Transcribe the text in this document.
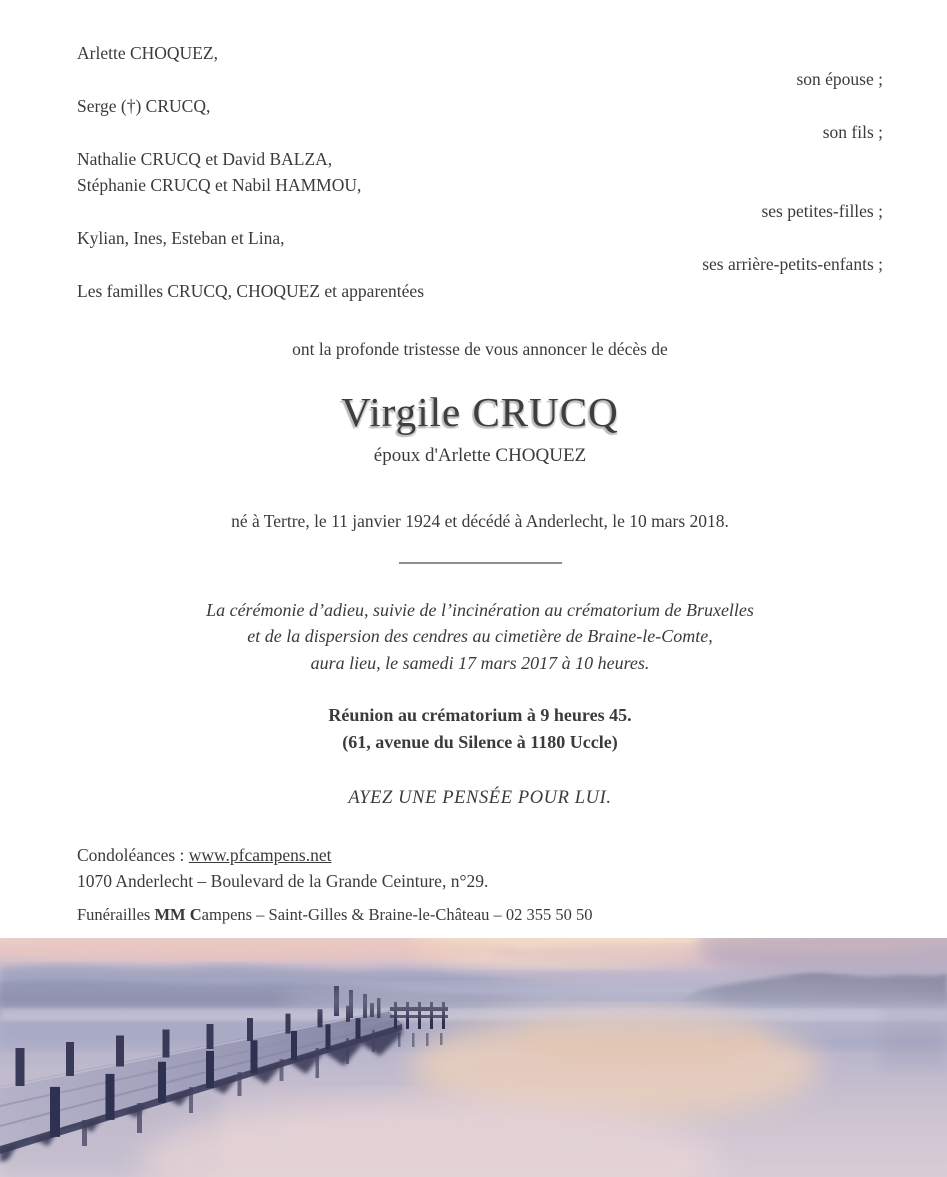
Arlette CHOQUEZ,
son épouse ;
Serge (†) CRUCQ,
son fils ;
Nathalie CRUCQ et David BALZA,
Stéphanie CRUCQ et Nabil HAMMOU,
ses petites-filles ;
Kylian, Ines, Esteban et Lina,
ses arrière-petits-enfants ;
Les familles CRUCQ, CHOQUEZ et apparentées
ont la profonde tristesse de vous annoncer le décès de
Virgile CRUCQ
époux d'Arlette CHOQUEZ
né à Tertre, le 11 janvier 1924 et décédé à Anderlecht, le 10 mars 2018.
La cérémonie d’adieu, suivie de l’incinération au crématorium de Bruxelles
et de la dispersion des cendres au cimetière de Braine-le-Comte,
aura lieu, le samedi 17 mars 2017 à 10 heures.
Réunion au crématorium à 9 heures 45.
(61, avenue du Silence à 1180 Uccle)
AYEZ UNE PENSÉE POUR LUI.
Condoléances : www.pfcampens.net
1070 Anderlecht – Boulevard de la Grande Ceinture, n°29.
Funérailles MM Campens – Saint-Gilles & Braine-le-Château – 02 355 50 50
